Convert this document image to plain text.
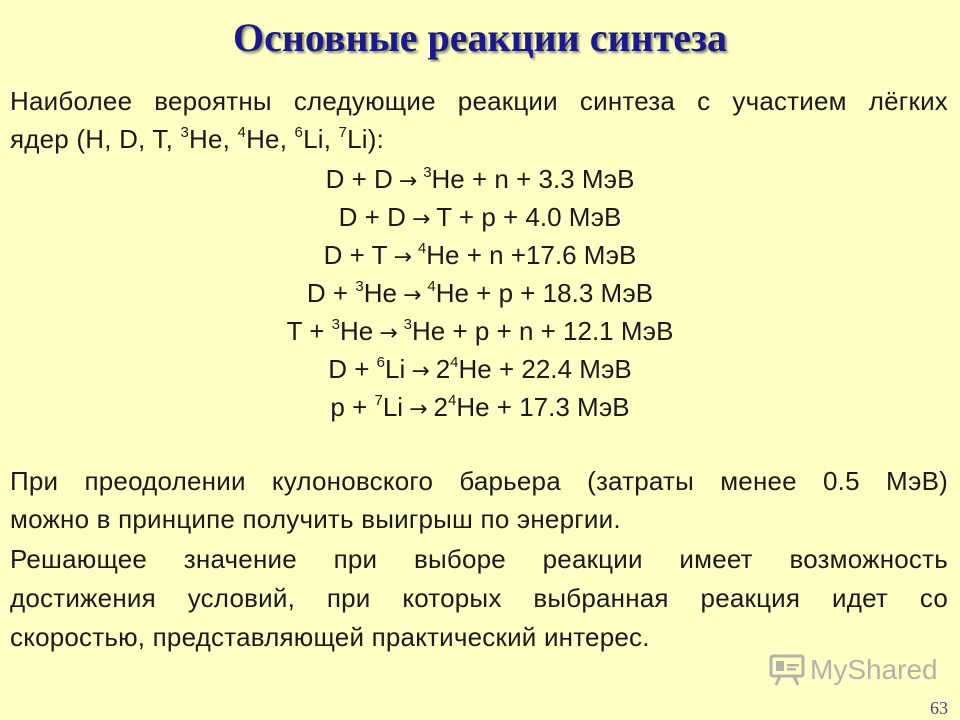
Основные реакции синтеза
Наиболее вероятны следующие реакции синтеза с участием лёгких
ядер (H, D, T, $^3$He, $^4$He, $^6$Li, $^7$Li):
D + D → $^3$He + n + 3.3 МэВ
D + D → T + p + 4.0 МэВ
D + T → $^4$He + n +17.6 МэВ
D + $^3$He → $^4$He + p + 18.3 МэВ
T + $^3$He → $^3$He + p + n + 12.1 МэВ
$D + ^6Li \to 2^4He + 22.4$ МэВ
$p + ^7Li \to 2^4He + 17.3$ МэВ
При преодолении кулоновского барьера (затраты менее 0.5 МэВ)
можно в принципе получить выигрыш по энергии.
Решающее значение при выборе реакции имеет возможность
достижения условий, при которых выбранная реакция идет со
скоростью, представляющей практический интерес.
MyShared
63
